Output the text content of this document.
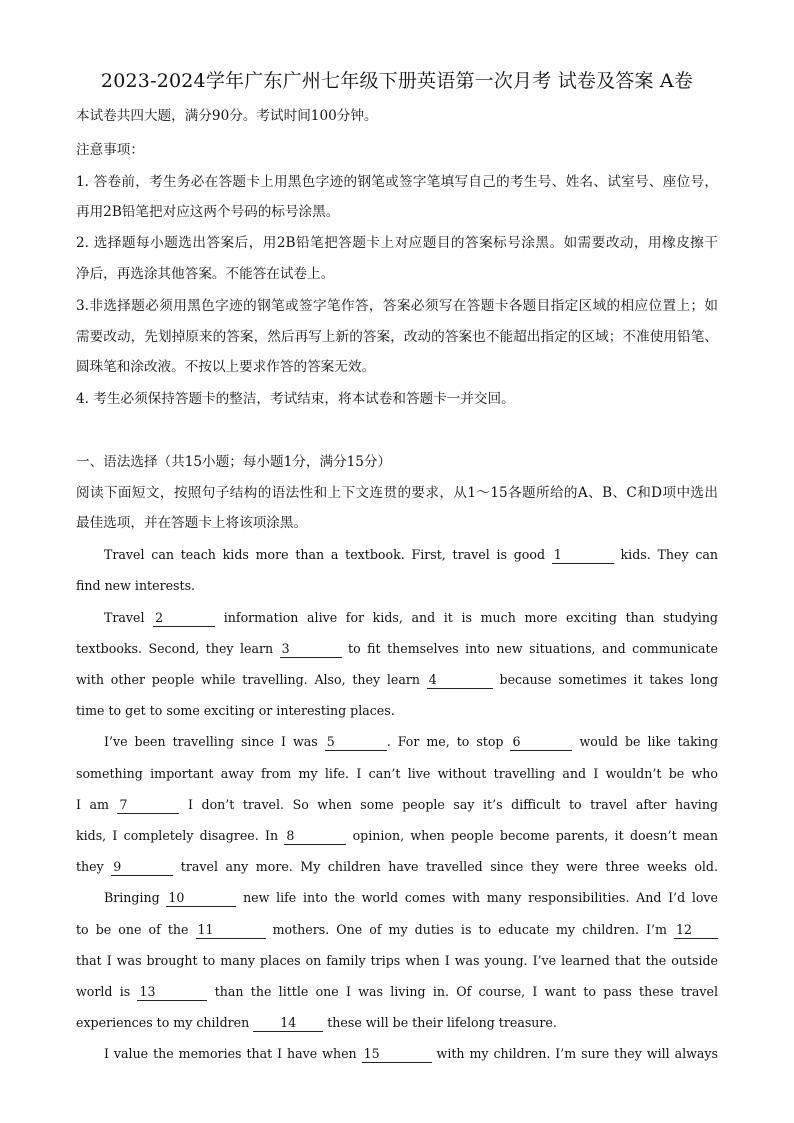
2023-2024学年广东广州七年级下册英语第一次月考 试卷及答案 A卷
本试卷共四大题，满分90分。考试时间100分钟。
注意事项：
1. 答卷前，考生务必在答题卡上用黑色字迹的钢笔或签字笔填写自己的考生号、姓名、试室号、座位号，
再用2B铅笔把对应这两个号码的标号涂黑。
2. 选择题每小题选出答案后，用2B铅笔把答题卡上对应题目的答案标号涂黑。如需要改动，用橡皮擦干
净后，再选涂其他答案。不能答在试卷上。
3.非选择题必须用黑色字迹的钢笔或签字笔作答，答案必须写在答题卡各题目指定区域的相应位置上；如
需要改动，先划掉原来的答案，然后再写上新的答案，改动的答案也不能超出指定的区域；不准使用铅笔、
圆珠笔和涂改液。不按以上要求作答的答案无效。
4. 考生必须保持答题卡的整洁，考试结束，将本试卷和答题卡一并交回。
一、语法选择（共15小题；每小题1分，满分15分）
阅读下面短文，按照句子结构的语法性和上下文连贯的要求，从1～15各题所给的A、B、C和D项中选出
最佳选项，并在答题卡上将该项涂黑。
Travel can teach kids more than a textbook. First, travel is good 1	kids. They can
find new interests.
Travel 2	information alive for kids, and it is much more exciting than studying
textbooks. Second, they learn 3	to fit themselves into new situations, and communicate
with other people while travelling. Also, they learn 4	because sometimes it takes long
time to get to some exciting or interesting places.
I’ve been travelling since I was 5	. For me, to stop 6	would be like taking
something important away from my life. I can’t live without travelling and I wouldn’t be who
I am 7	I don’t travel. So when some people say it’s difficult to travel after having
kids, I completely disagree. In 8	opinion, when people become parents, it doesn’t mean
they 9	travel any more. My children have travelled since they were three weeks old.
Bringing 10	new life into the world comes with many responsibilities. And I’d love
to be one of the 11	mothers. One of my duties is to educate my children. I’m 12
that I was brought to many places on family trips when I was young. I’ve learned that the outside
world is 13	than the little one I was living in. Of course, I want to pass these travel
experiences to my children 14 these will be their lifelong treasure.
I value the memories that I have when 15	with my children. I’m sure they will always
